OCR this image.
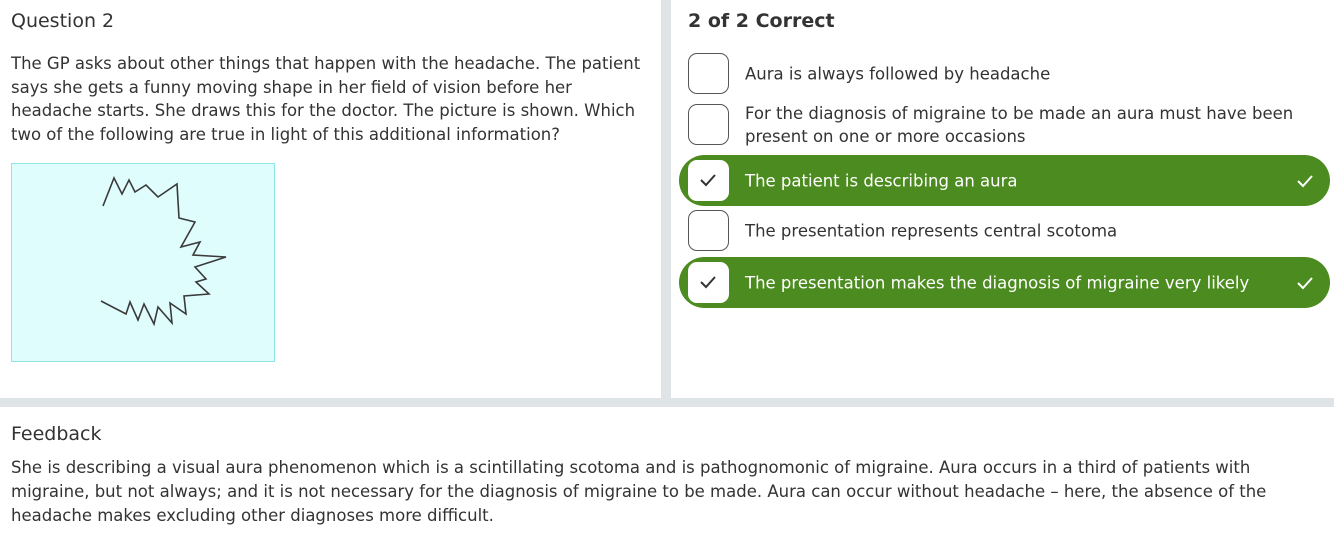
Question 2
The GP asks about other things that happen with the headache. The patient says she gets a funny moving shape in her field of vision before her headache starts. She draws this for the doctor. The picture is shown. Which two of the following are true in light of this additional information?
2 of 2 Correct
Aura is always followed by headache
For the diagnosis of migraine to be made an aura must have been present on one or more occasions
The patient is describing an aura
The presentation represents central scotoma
The presentation makes the diagnosis of migraine very likely
Feedback
She is describing a visual aura phenomenon which is a scintillating scotoma and is pathognomonic of migraine. Aura occurs in a third of patients with migraine, but not always; and it is not necessary for the diagnosis of migraine to be made. Aura can occur without headache – here, the absence of the headache makes excluding other diagnoses more difficult.
